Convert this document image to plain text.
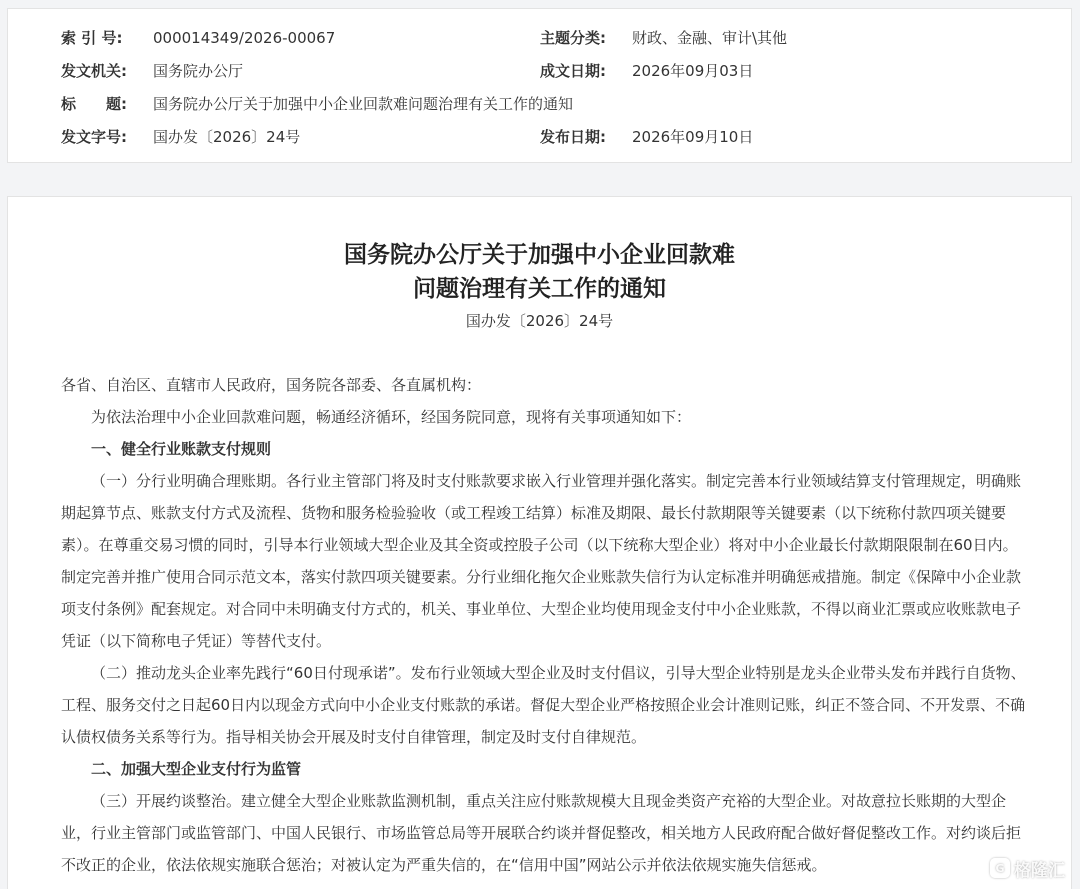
索 引 号: 000014349/2026-00067	主题分类: 财政、金融、审计\其他
发文机关: 国务院办公厅	成文日期: 2026年09月03日
标　　题: 国务院办公厅关于加强中小企业回款难问题治理有关工作的通知
发文字号: 国办发〔2026〕24号	发布日期: 2026年09月10日
国务院办公厅关于加强中小企业回款难
问题治理有关工作的通知
国办发〔2026〕24号

各省、自治区、直辖市人民政府，国务院各部委、各直属机构：

为依法治理中小企业回款难问题，畅通经济循环，经国务院同意，现将有关事项通知如下：

一、健全行业账款支付规则

（一）分行业明确合理账期。各行业主管部门将及时支付账款要求嵌入行业管理并强化落实。制定完善本行业领域结算支付管理规定，明确账期起算节点、账款支付方式及流程、货物和服务检验验收（或工程竣工结算）标准及期限、最长付款期限等关键要素（以下统称付款四项关键要素）。在尊重交易习惯的同时，引导本行业领域大型企业及其全资或控股子公司（以下统称大型企业）将对中小企业最长付款期限限制在60日内。制定完善并推广使用合同示范文本，落实付款四项关键要素。分行业细化拖欠企业账款失信行为认定标准并明确惩戒措施。制定《保障中小企业款项支付条例》配套规定。对合同中未明确支付方式的，机关、事业单位、大型企业均使用现金支付中小企业账款，不得以商业汇票或应收账款电子凭证（以下简称电子凭证）等替代支付。

（二）推动龙头企业率先践行“60日付现承诺”。发布行业领域大型企业及时支付倡议，引导大型企业特别是龙头企业带头发布并践行自货物、工程、服务交付之日起60日内以现金方式向中小企业支付账款的承诺。督促大型企业严格按照企业会计准则记账，纠正不签合同、不开发票、不确认债权债务关系等行为。指导相关协会开展及时支付自律管理，制定及时支付自律规范。

二、加强大型企业支付行为监管

（三）开展约谈整治。建立健全大型企业账款监测机制，重点关注应付账款规模大且现金类资产充裕的大型企业。对故意拉长账期的大型企业，行业主管部门或监管部门、中国人民银行、市场监管总局等开展联合约谈并督促整改，相关地方人民政府配合做好督促整改工作。对约谈后拒不改正的企业，依法依规实施联合惩治；对被认定为严重失信的，在“信用中国”网站公示并依法依规实施失信惩戒。	G 格隆汇
